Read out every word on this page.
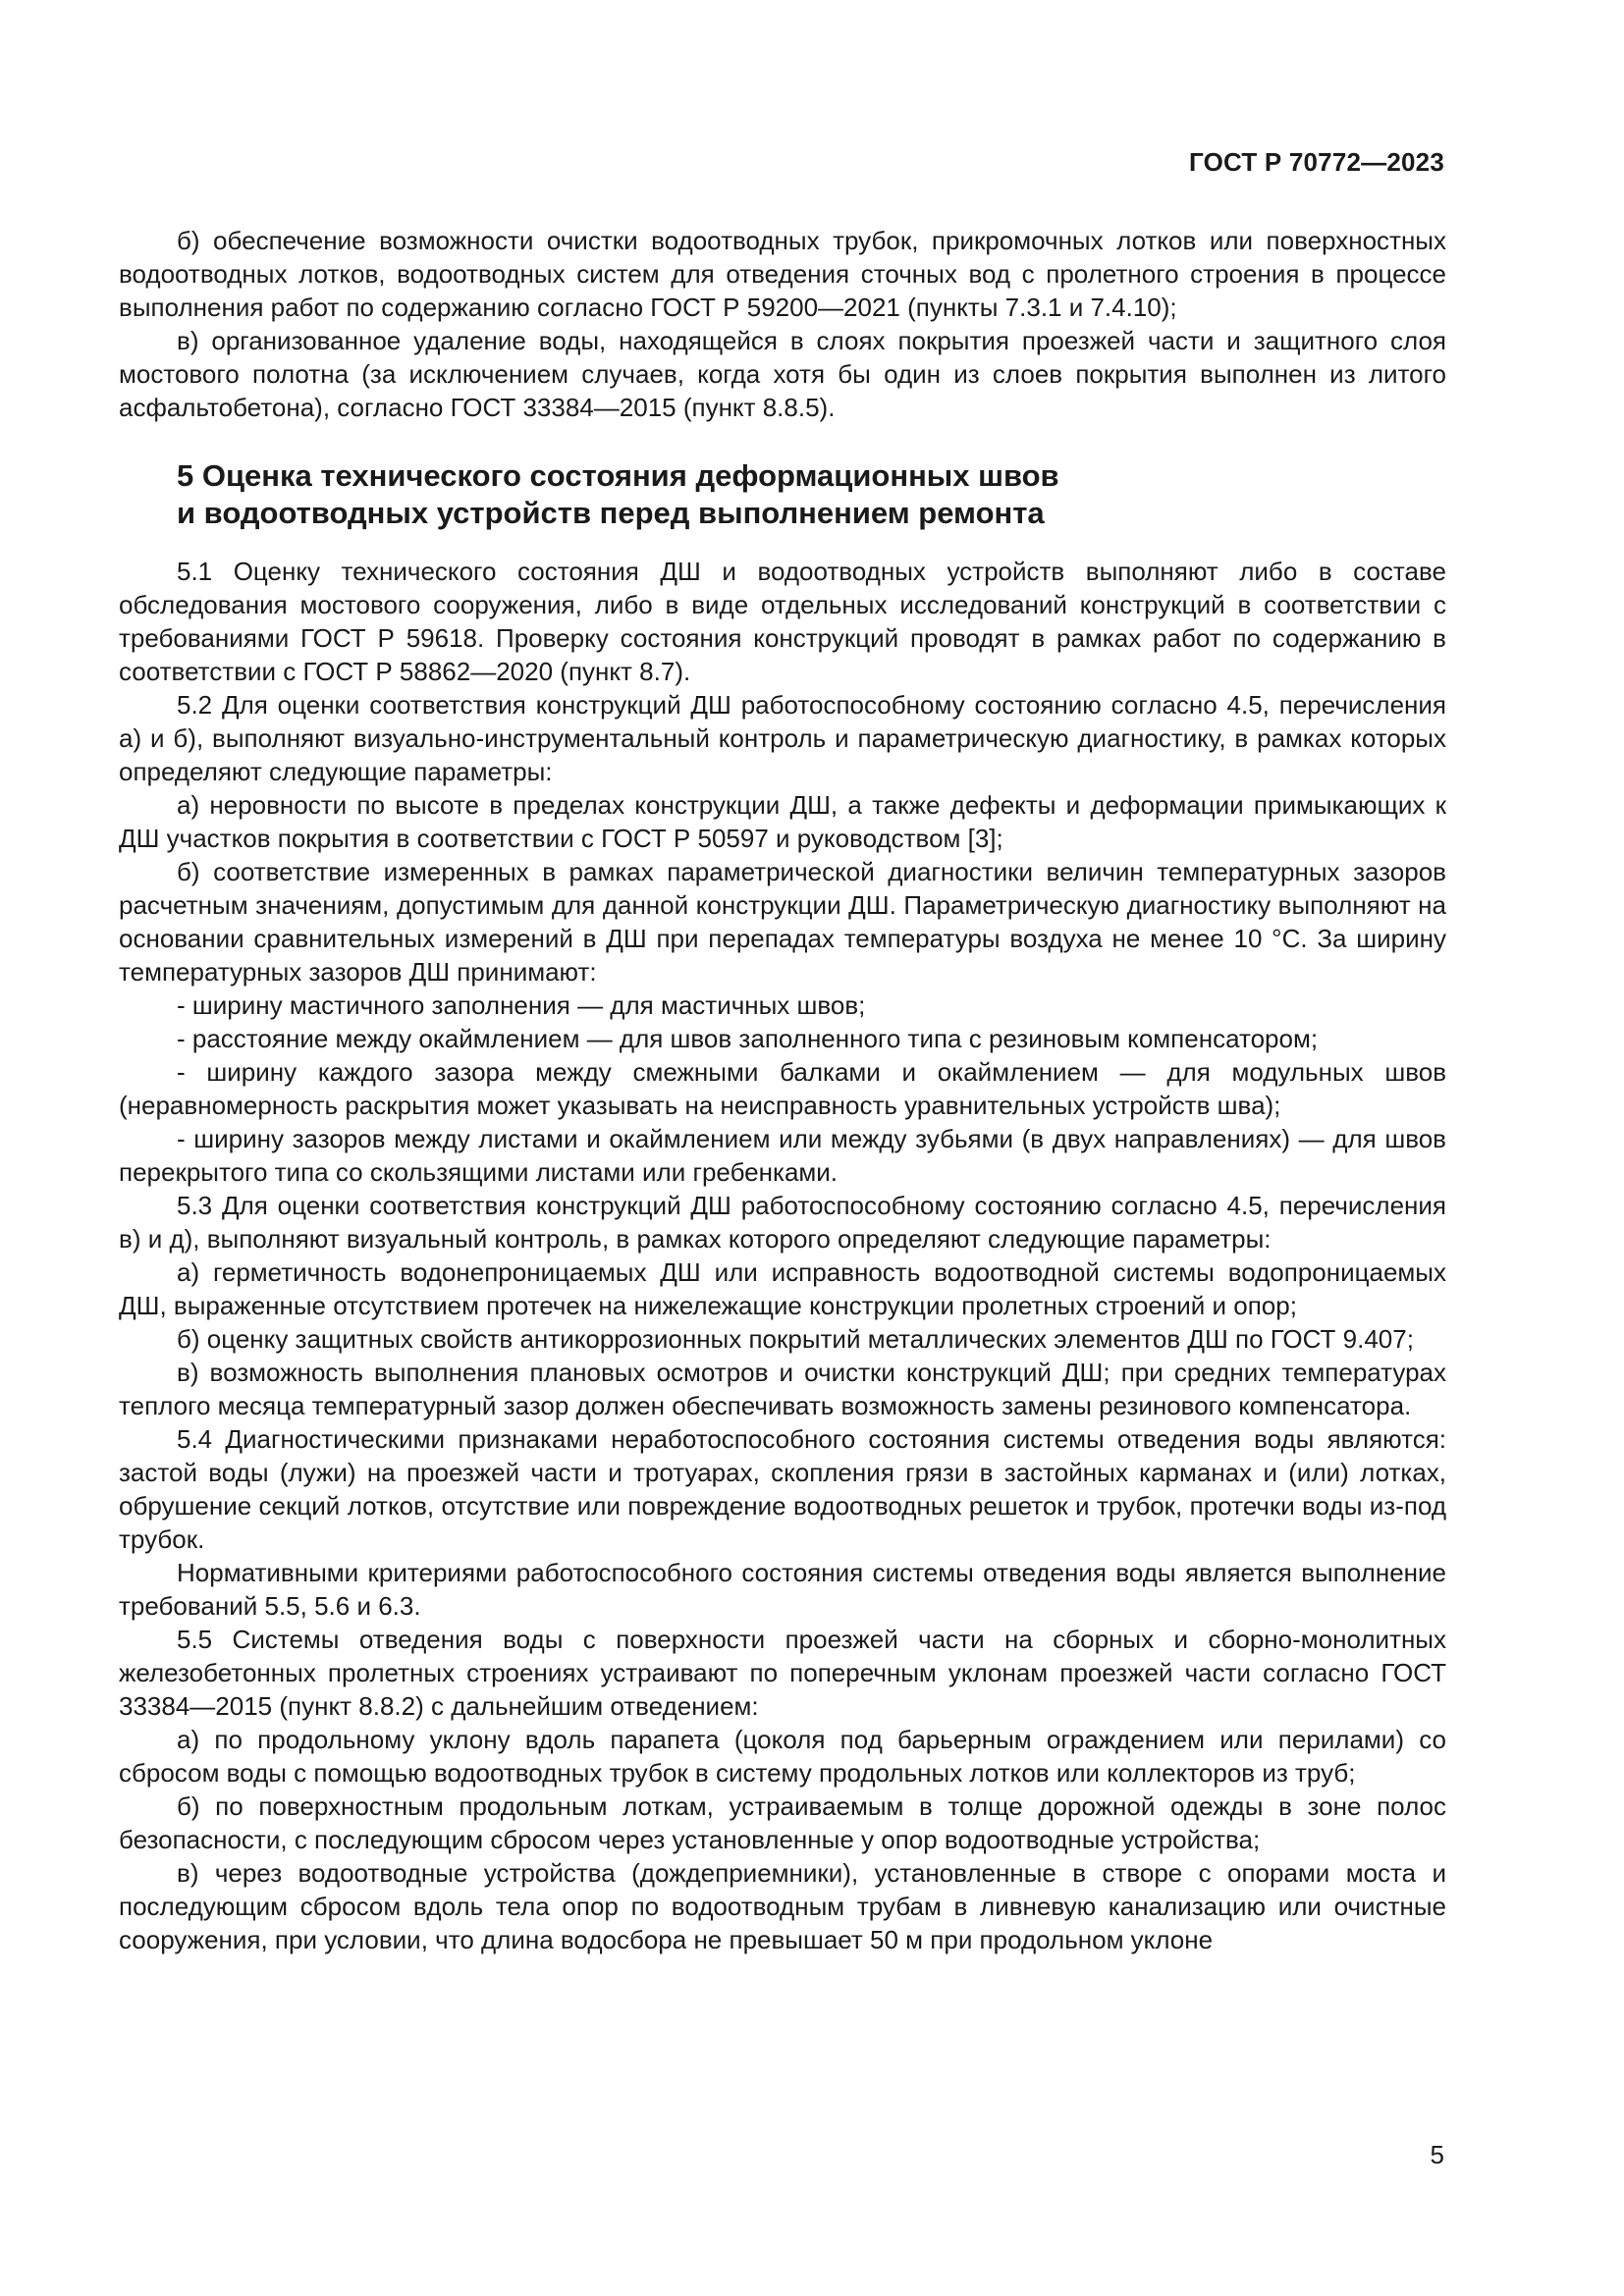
ГОСТ Р 70772—2023

б) обеспечение возможности очистки водоотводных трубок, прикромочных лотков или поверхностных водоотводных лотков, водоотводных систем для отведения сточных вод с пролетного строения в процессе выполнения работ по содержанию согласно ГОСТ Р 59200—2021 (пункты 7.3.1 и 7.4.10);

в) организованное удаление воды, находящейся в слоях покрытия проезжей части и защитного слоя мостового полотна (за исключением случаев, когда хотя бы один из слоев покрытия выполнен из литого асфальтобетона), согласно ГОСТ 33384—2015 (пункт 8.8.5).

5 Оценка технического состояния деформационных швов
и водоотводных устройств перед выполнением ремонта

5.1 Оценку технического состояния ДШ и водоотводных устройств выполняют либо в составе обследования мостового сооружения, либо в виде отдельных исследований конструкций в соответствии с требованиями ГОСТ Р 59618. Проверку состояния конструкций проводят в рамках работ по содержанию в соответствии с ГОСТ Р 58862—2020 (пункт 8.7).

5.2 Для оценки соответствия конструкций ДШ работоспособному состоянию согласно 4.5, перечисления а) и б), выполняют визуально-инструментальный контроль и параметрическую диагностику, в рамках которых определяют следующие параметры:

а) неровности по высоте в пределах конструкции ДШ, а также дефекты и деформации примыкающих к ДШ участков покрытия в соответствии с ГОСТ Р 50597 и руководством [3];

б) соответствие измеренных в рамках параметрической диагностики величин температурных зазоров расчетным значениям, допустимым для данной конструкции ДШ. Параметрическую диагностику выполняют на основании сравнительных измерений в ДШ при перепадах температуры воздуха не менее 10 °С. За ширину температурных зазоров ДШ принимают:

- ширину мастичного заполнения — для мастичных швов;

- расстояние между окаймлением — для швов заполненного типа с резиновым компенсатором;

- ширину каждого зазора между смежными балками и окаймлением — для модульных швов (неравномерность раскрытия может указывать на неисправность уравнительных устройств шва);

- ширину зазоров между листами и окаймлением или между зубьями (в двух направлениях) — для швов перекрытого типа со скользящими листами или гребенками.

5.3 Для оценки соответствия конструкций ДШ работоспособному состоянию согласно 4.5, перечисления в) и д), выполняют визуальный контроль, в рамках которого определяют следующие параметры:

а) герметичность водонепроницаемых ДШ или исправность водоотводной системы водопроницаемых ДШ, выраженные отсутствием протечек на нижележащие конструкции пролетных строений и опор;

б) оценку защитных свойств антикоррозионных покрытий металлических элементов ДШ по ГОСТ 9.407;

в) возможность выполнения плановых осмотров и очистки конструкций ДШ; при средних температурах теплого месяца температурный зазор должен обеспечивать возможность замены резинового компенсатора.

5.4 Диагностическими признаками неработоспособного состояния системы отведения воды являются: застой воды (лужи) на проезжей части и тротуарах, скопления грязи в застойных карманах и (или) лотках, обрушение секций лотков, отсутствие или повреждение водоотводных решеток и трубок, протечки воды из-под трубок.

Нормативными критериями работоспособного состояния системы отведения воды является выполнение требований 5.5, 5.6 и 6.3.

5.5 Системы отведения воды с поверхности проезжей части на сборных и сборно-монолитных железобетонных пролетных строениях устраивают по поперечным уклонам проезжей части согласно ГОСТ 33384—2015 (пункт 8.8.2) с дальнейшим отведением:

а) по продольному уклону вдоль парапета (цоколя под барьерным ограждением или перилами) со сбросом воды с помощью водоотводных трубок в систему продольных лотков или коллекторов из труб;

б) по поверхностным продольным лоткам, устраиваемым в толще дорожной одежды в зоне полос безопасности, с последующим сбросом через установленные у опор водоотводные устройства;

в) через водоотводные устройства (дождеприемники), установленные в створе с опорами моста и последующим сбросом вдоль тела опор по водоотводным трубам в ливневую канализацию или очистные сооружения, при условии, что длина водосбора не превышает 50 м при продольном уклоне

5
